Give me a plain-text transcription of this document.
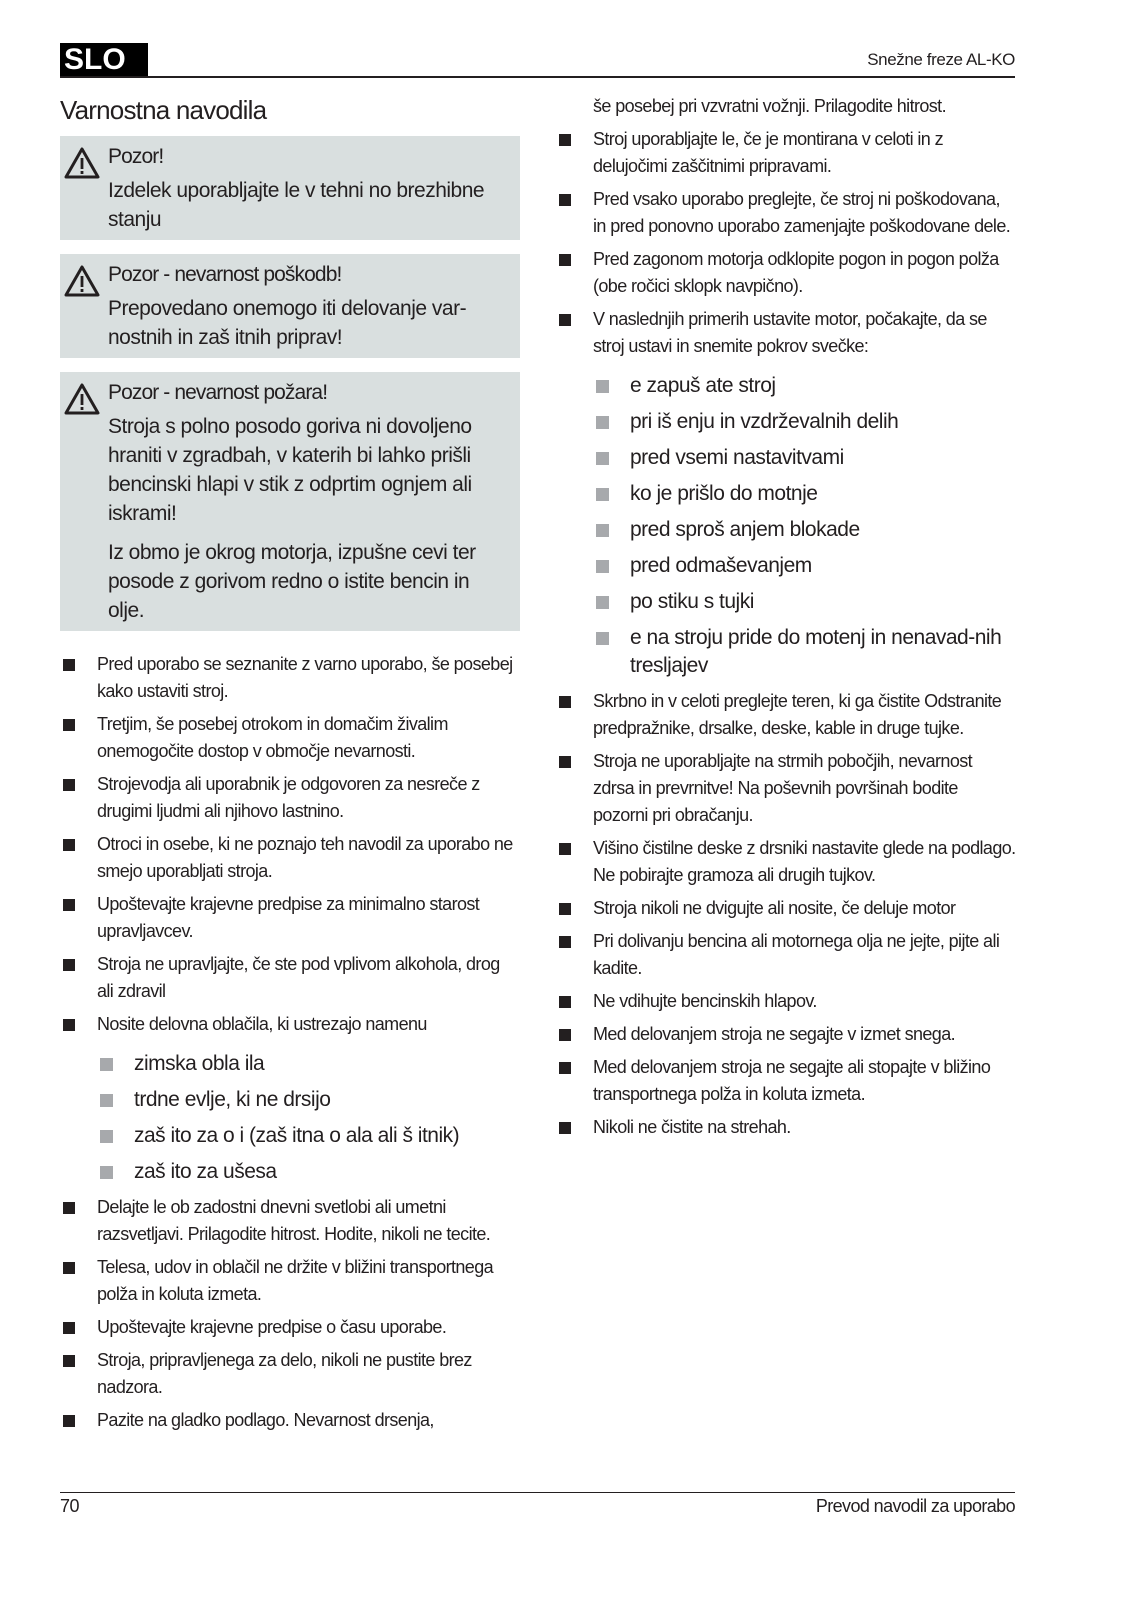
SLO	Snežne freze AL-KO
Varnostna navodila
Pozor!
Izdelek uporabljajte le v tehni no brezhibne stanju
Pozor - nevarnost poškodb!
Prepovedano onemogo iti delovanje var-nostnih in zaš itnih priprav!
Pozor - nevarnost požara!
Stroja s polno posodo goriva ni dovoljeno hraniti v zgradbah, v katerih bi lahko prišli bencinski hlapi v stik z odprtim ognjem ali iskrami!
Iz obmo je okrog motorja, izpušne cevi ter posode z gorivom redno o istite bencin in olje.
Pred uporabo se seznanite z varno uporabo, še posebej kako ustaviti stroj.
Tretjim, še posebej otrokom in domačim živalim onemogočite dostop v območje nevarnosti.
Strojevodja ali uporabnik je odgovoren za nesreče z drugimi ljudmi ali njihovo lastnino.
Otroci in osebe, ki ne poznajo teh navodil za uporabo ne smejo uporabljati stroja.
Upoštevajte krajevne predpise za minimalno starost upravljavcev.
Stroja ne upravljajte, če ste pod vplivom alkohola, drog ali zdravil
Nosite delovna oblačila, ki ustrezajo namenu
zimska obla ila
trdne evlje, ki ne drsijo
zaš ito za o i (zaš itna o ala ali š itnik)
zaš ito za ušesa
Delajte le ob zadostni dnevni svetlobi ali umetni razsvetljavi. Prilagodite hitrost. Hodite, nikoli ne tecite.
Telesa, udov in oblačil ne držite v bližini transportnega polža in koluta izmeta.
Upoštevajte krajevne predpise o času uporabe.
Stroja, pripravljenega za delo, nikoli ne pustite brez nadzora.
Pazite na gladko podlago. Nevarnost drsenja,
še posebej pri vzvratni vožnji. Prilagodite hitrost.
Stroj uporabljajte le, če je montirana v celoti in z delujočimi zaščitnimi pripravami.
Pred vsako uporabo preglejte, če stroj ni poškodovana, in pred ponovno uporabo zamenjajte poškodovane dele.
Pred zagonom motorja odklopite pogon in pogon polža (obe ročici sklopk navpično).
V naslednjih primerih ustavite motor, počakajte, da se stroj ustavi in snemite pokrov svečke:
e zapuš ate stroj
pri iš enju in vzdrževalnih delih
pred vsemi nastavitvami
ko je prišlo do motnje
pred sproš anjem blokade
pred odmaševanjem
po stiku s tujki
e na stroju pride do motenj in nenavad-nih tresljajev
Skrbno in v celoti preglejte teren, ki ga čistite Odstranite predpražnike, drsalke, deske, kable in druge tujke.
Stroja ne uporabljajte na strmih pobočjih, nevarnost zdrsa in prevrnitve! Na poševnih površinah bodite pozorni pri obračanju.
Višino čistilne deske z drsniki nastavite glede na podlago. Ne pobirajte gramoza ali drugih tujkov.
Stroja nikoli ne dvigujte ali nosite, če deluje motor
Pri dolivanju bencina ali motornega olja ne jejte, pijte ali kadite.
Ne vdihujte bencinskih hlapov.
Med delovanjem stroja ne segajte v izmet snega.
Med delovanjem stroja ne segajte ali stopajte v bližino transportnega polža in koluta izmeta.
Nikoli ne čistite na strehah.
70	Prevod navodil za uporabo
